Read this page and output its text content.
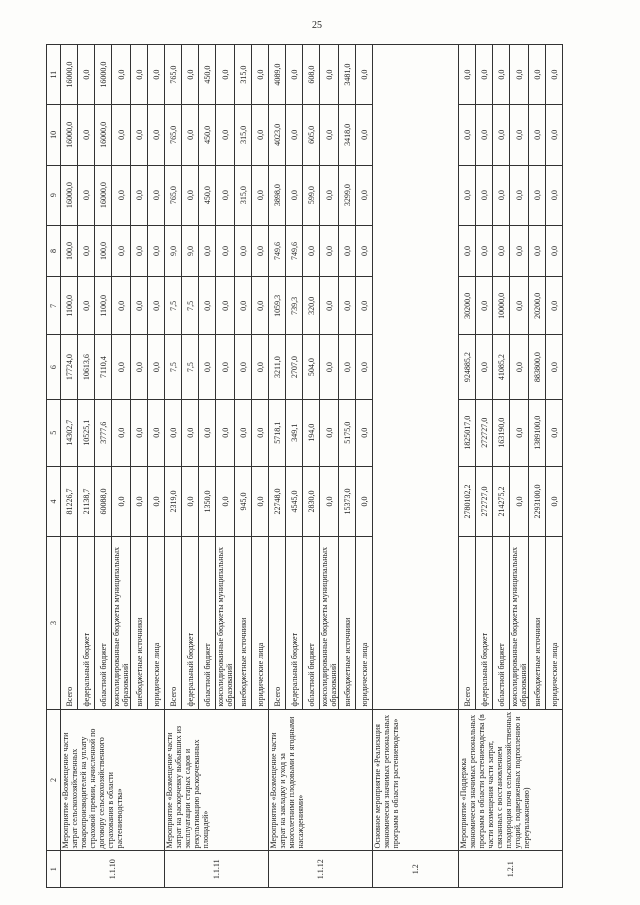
25
1	2	3	4	5	6	7	8	9	10	11
1.1.10	Мероприятие «Возмещение части затрат сельскохозяйственных товаропроизводителей на уплату страховой премии, начисленной по договору сельскохозяйственного страхования в области растениеводства»	Всего	81226,7	14302,7	17724,0	1100,0	100,0	16000,0	16000,0	16000,0
		федеральный бюджет	21138,7	10525,1	10613,6	0,0	0,0	0,0	0,0	0,0
		областной бюджет	60088,0	3777,6	7110,4	1100,0	100,0	16000,0	16000,0	16000,0
		консолидированные бюджеты муниципальных образований	0,0	0,0	0,0	0,0	0,0	0,0	0,0	0,0
		внебюджетные источники	0,0	0,0	0,0	0,0	0,0	0,0	0,0	0,0
		юридические лица	0,0	0,0	0,0	0,0	0,0	0,0	0,0	0,0
1.1.11	Мероприятие «Возмещение части затрат на раскорчевку выбывших из эксплуатации старых садов и рекультивацию раскорчеванных площадей»	Всего	2319,0	0,0	7,5	7,5	9,0	765,0	765,0	765,0
		федеральный бюджет	0,0	0,0	7,5	7,5	9,0	0,0	0,0	0,0
		областной бюджет	1350,0	0,0	0,0	0,0	0,0	450,0	450,0	450,0
		консолидированные бюджеты муниципальных образований	0,0	0,0	0,0	0,0	0,0	0,0	0,0	0,0
		внебюджетные источники	945,0	0,0	0,0	0,0	0,0	315,0	315,0	315,0
		юридические лица	0,0	0,0	0,0	0,0	0,0	0,0	0,0	0,0
1.1.12	Мероприятие «Возмещение части затрат на закладку и уход за многолетними плодовыми и ягодными насаждениями»	Всего	22748,0	5718,1	3211,0	1059,3	749,6	3898,0	4023,0	4089,0
		федеральный бюджет	4545,0	349,1	2707,0	739,3	749,6	0,0	0,0	0,0
		областной бюджет	2830,0	194,0	504,0	320,0	0,0	599,0	605,0	608,0
		консолидированные бюджеты муниципальных образований	0,0	0,0	0,0	0,0	0,0	0,0	0,0	0,0
		внебюджетные источники	15373,0	5175,0	0,0	0,0	0,0	3299,0	3418,0	3481,0
		юридические лица	0,0	0,0	0,0	0,0	0,0	0,0	0,0	0,0
1.2	Основное мероприятие «Реализация экономически значимых региональных программ в области растениеводства»									
1.2.1	Мероприятие «Поддержка экономически значимых региональных программ в области растениеводства (в части возмещения части затрат, связанных с восстановлением плодородия почв сельскохозяйственных угодий, подверженных подтоплению и переувлажнению)	Всего	2780102,2	1825017,0	924885,2	30200,0	0,0	0,0	0,0	0,0
		федеральный бюджет	272727,0	272727,0	0,0	0,0	0,0	0,0	0,0	0,0
		областной бюджет	214275,2	163190,0	41085,2	10000,0	0,0	0,0	0,0	0,0
		консолидированные бюджеты муниципальных образований	0,0	0,0	0,0	0,0	0,0	0,0	0,0	0,0
		внебюджетные источники	2293100,0	1389100,0	883800,0	20200,0	0,0	0,0	0,0	0,0
		юридические лица	0,0	0,0	0,0	0,0	0,0	0,0	0,0	0,0
